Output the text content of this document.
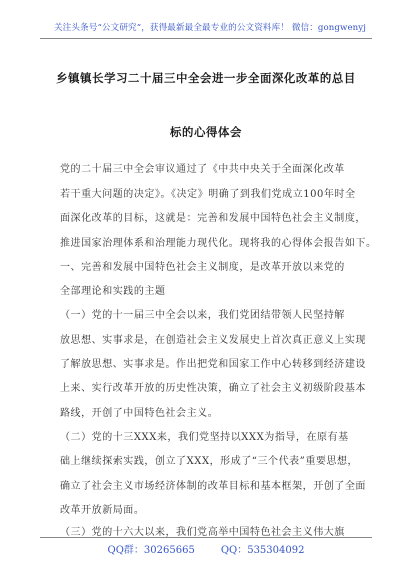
关注头条号“公文研究”，获得最新最全最专业的公文资料库！ 微信：gongwenyj
乡镇镇长学习二十届三中全会进一步全面深化改革的总目
标的心得体会
党的二十届三中全会审议通过了《中共中央关于全面深化改革
若干重大问题的决定》。《决定》明确了到我们党成立100年时全
面深化改革的目标，这就是：完善和发展中国特色社会主义制度，
推进国家治理体系和治理能力现代化。现将我的心得体会报告如下。
一、完善和发展中国特色社会主义制度，是改革开放以来党的
全部理论和实践的主题
（一）党的十一届三中全会以来，我们党团结带领人民坚持解
放思想、实事求是，在创造社会主义发展史上首次真正意义上实现
了解放思想、实事求是。作出把党和国家工作中心转移到经济建设
上来、实行改革开放的历史性决策，确立了社会主义初级阶段基本
路线，开创了中国特色社会主义。
（二）党的十三XXX来，我们党坚持以XXX为指导，在原有基
础上继续探索实践，创立了XXX，形成了“三个代表”重要思想，
确立了社会主义市场经济体制的改革目标和基本框架，开创了全面
改革开放新局面。
QQ群：30265665	QQ：535304092
（三）党的十六大以来，我们党高举中国特色社会主义伟大旗
